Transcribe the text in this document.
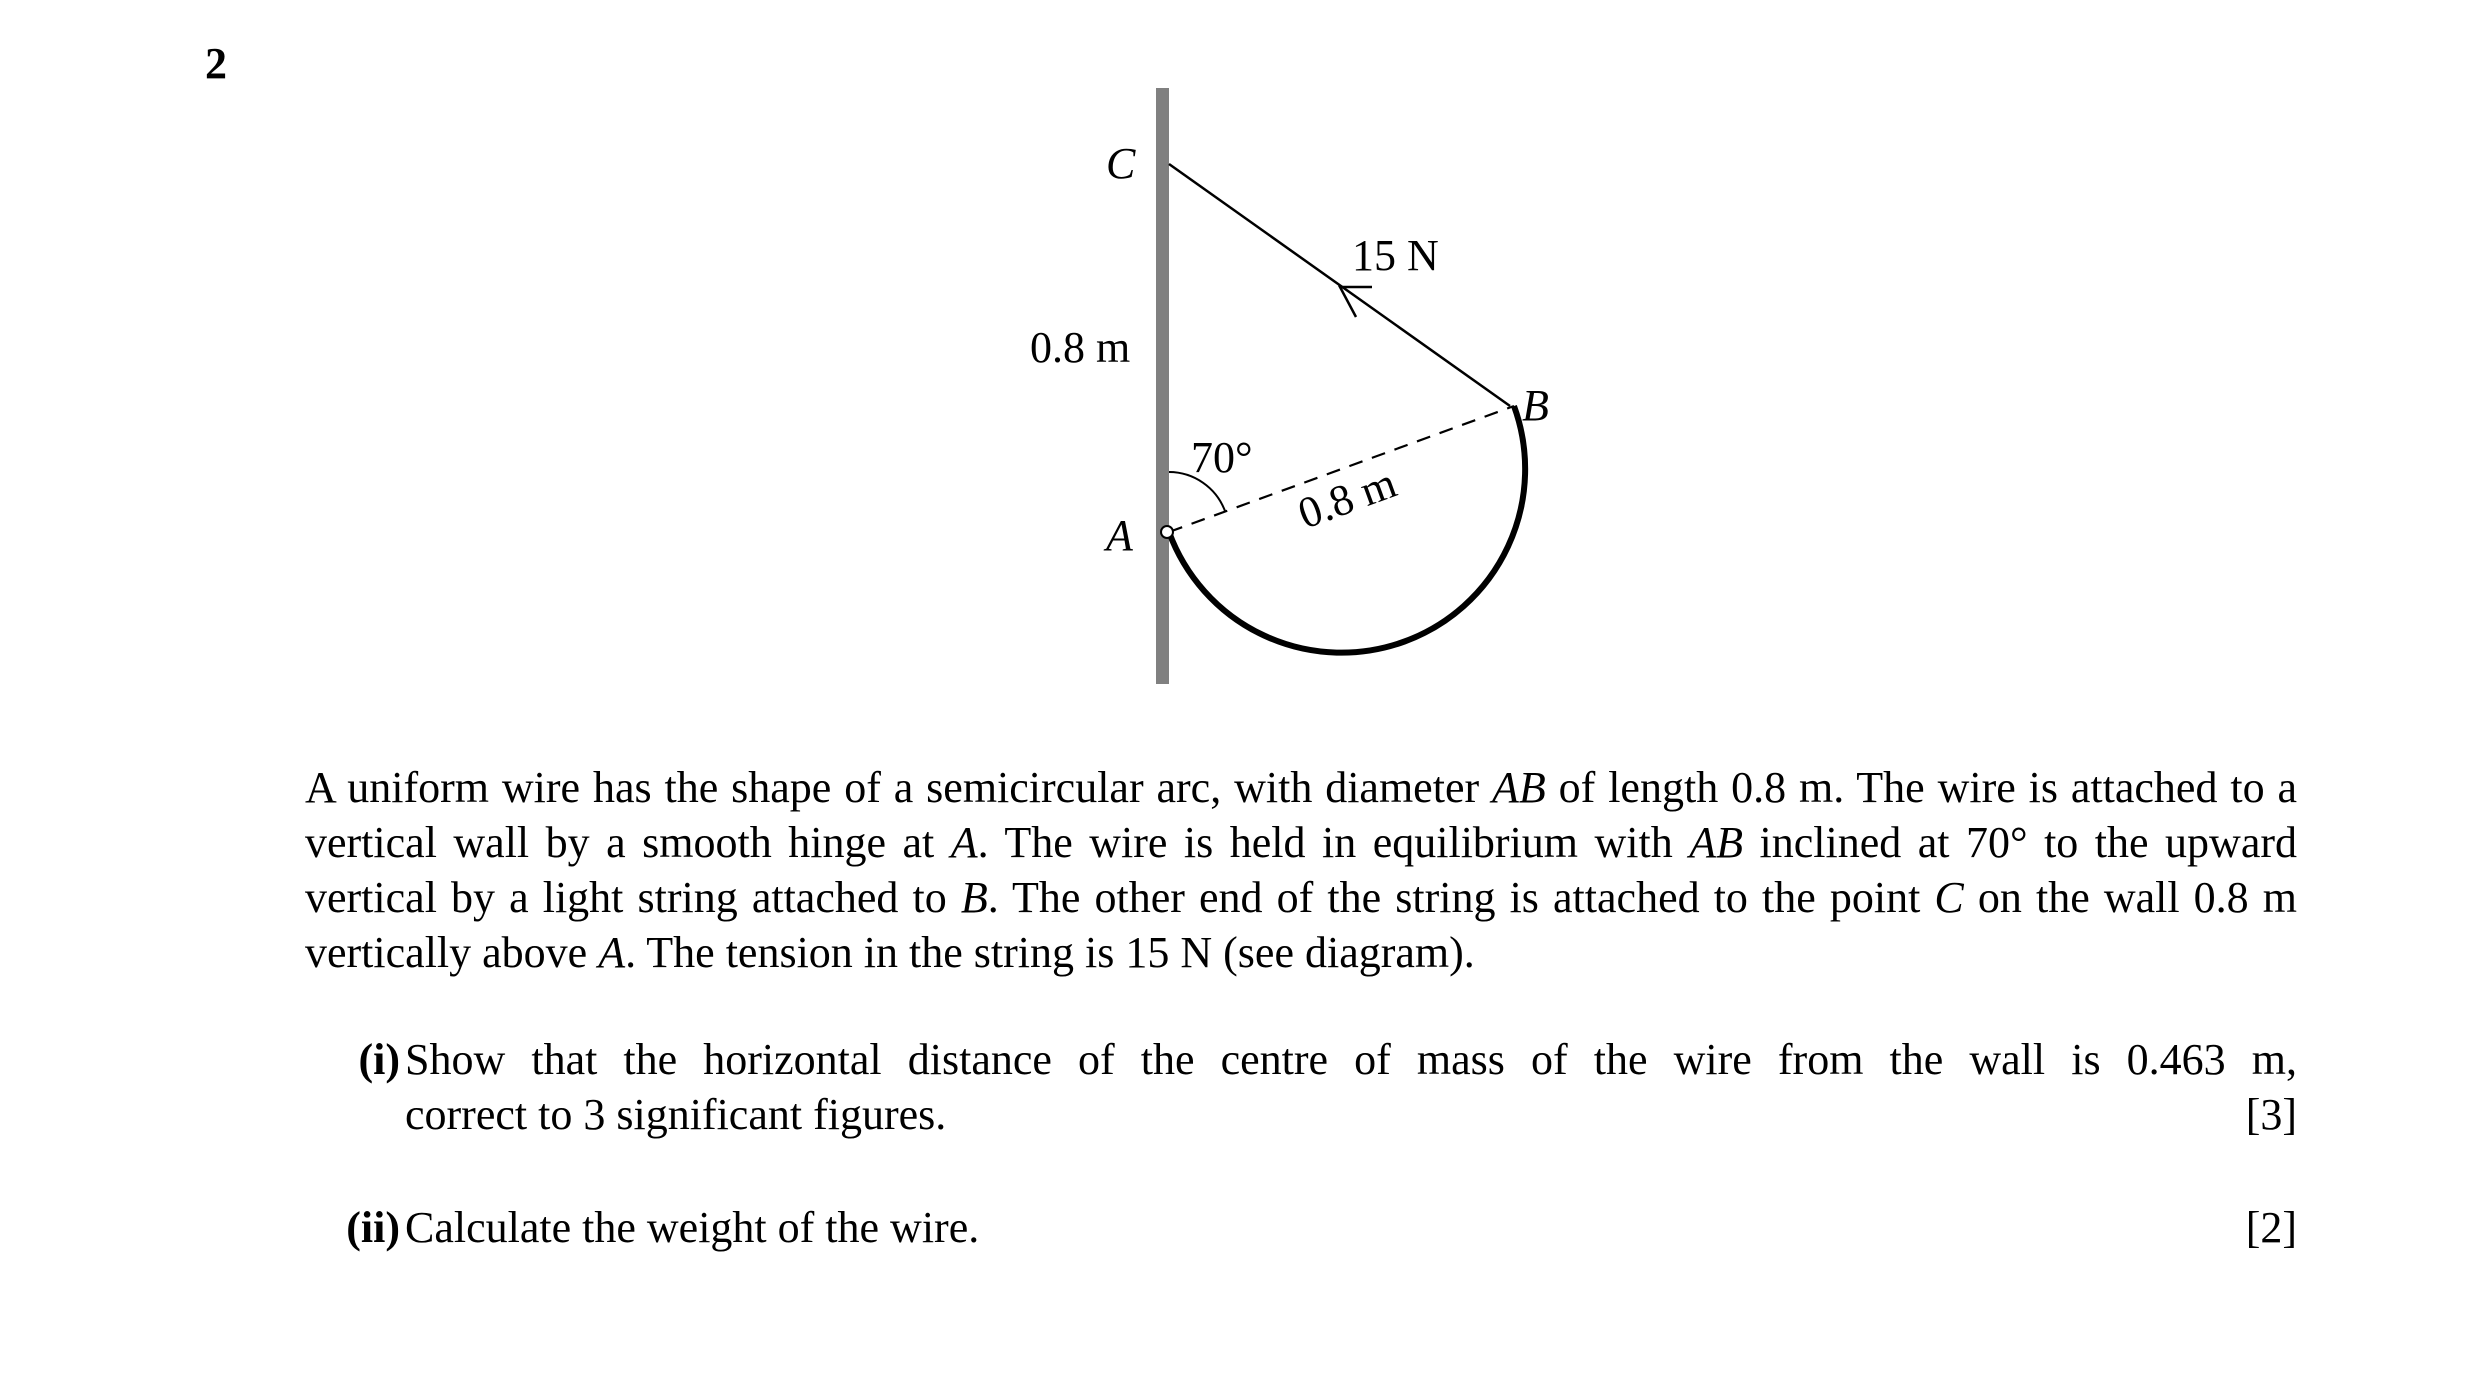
2
C
15 N
0.8 m
B
70°
0.8 m
A
A uniform wire has the shape of a semicircular arc, with diameter AB of length 0.8 m. The wire is attached to a vertical wall by a smooth hinge at A. The wire is held in equilibrium with AB inclined at 70° to the upward vertical by a light string attached to B. The other end of the string is attached to the point C on the wall 0.8 m vertically above A. The tension in the string is 15 N (see diagram).
(i) Show that the horizontal distance of the centre of mass of the wire from the wall is 0.463 m,
correct to 3 significant figures.	[3]
(ii) Calculate the weight of the wire.	[2]
